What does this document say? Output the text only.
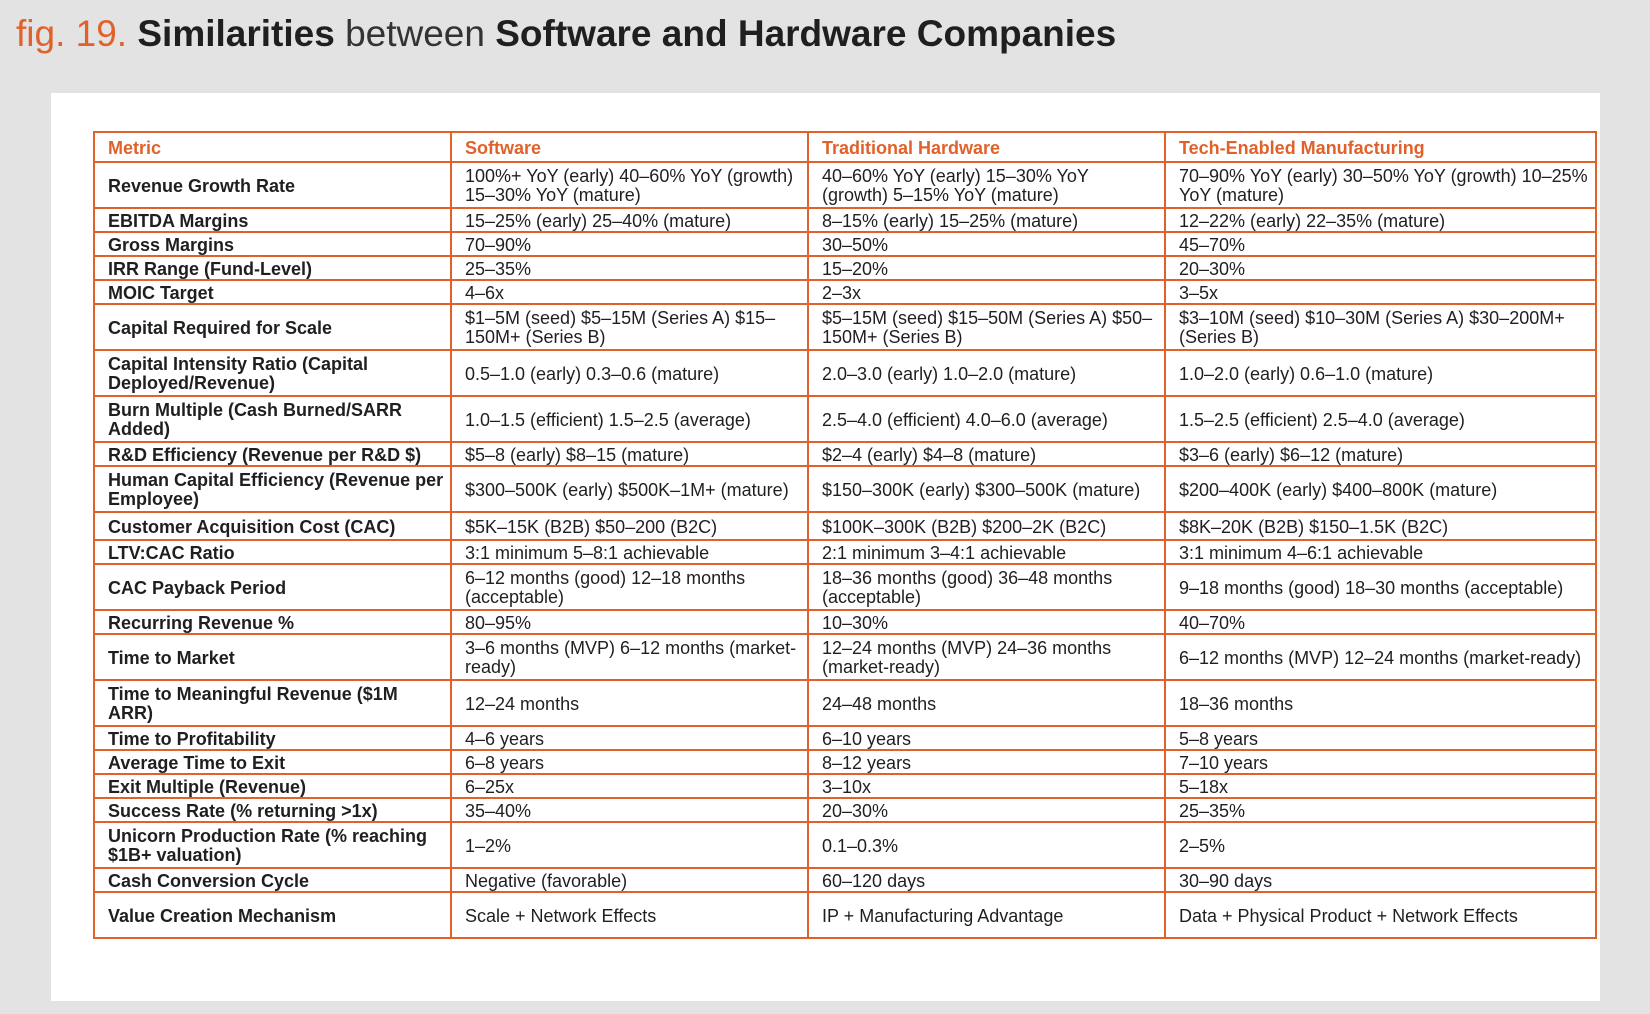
fig. 19. Similarities between Software and Hardware Companies
Metric	Software	Traditional Hardware	Tech-Enabled Manufacturing
Revenue Growth Rate	100%+ YoY (early) 40–60% YoY (growth) 15–30% YoY (mature)	40–60% YoY (early) 15–30% YoY (growth) 5–15% YoY (mature)	70–90% YoY (early) 30–50% YoY (growth) 10–25% YoY (mature)
EBITDA Margins	15–25% (early) 25–40% (mature)	8–15% (early) 15–25% (mature)	12–22% (early) 22–35% (mature)
Gross Margins	70–90%	30–50%	45–70%
IRR Range (Fund-Level)	25–35%	15–20%	20–30%
MOIC Target	4–6x	2–3x	3–5x
Capital Required for Scale	$1–5M (seed) $5–15M (Series A) $15–150M+ (Series B)	$5–15M (seed) $15–50M (Series A) $50–150M+ (Series B)	$3–10M (seed) $10–30M (Series A) $30–200M+ (Series B)
Capital Intensity Ratio (Capital Deployed/Revenue)	0.5–1.0 (early) 0.3–0.6 (mature)	2.0–3.0 (early) 1.0–2.0 (mature)	1.0–2.0 (early) 0.6–1.0 (mature)
Burn Multiple (Cash Burned/SARR Added)	1.0–1.5 (efficient) 1.5–2.5 (average)	2.5–4.0 (efficient) 4.0–6.0 (average)	1.5–2.5 (efficient) 2.5–4.0 (average)
R&D Efficiency (Revenue per R&D $)	$5–8 (early) $8–15 (mature)	$2–4 (early) $4–8 (mature)	$3–6 (early) $6–12 (mature)
Human Capital Efficiency (Revenue per Employee)	$300–500K (early) $500K–1M+ (mature)	$150–300K (early) $300–500K (mature)	$200–400K (early) $400–800K (mature)
Customer Acquisition Cost (CAC)	$5K–15K (B2B) $50–200 (B2C)	$100K–300K (B2B) $200–2K (B2C)	$8K–20K (B2B) $150–1.5K (B2C)
LTV:CAC Ratio	3:1 minimum 5–8:1 achievable	2:1 minimum 3–4:1 achievable	3:1 minimum 4–6:1 achievable
CAC Payback Period	6–12 months (good) 12–18 months (acceptable)	18–36 months (good) 36–48 months (acceptable)	9–18 months (good) 18–30 months (acceptable)
Recurring Revenue %	80–95%	10–30%	40–70%
Time to Market	3–6 months (MVP) 6–12 months (market-ready)	12–24 months (MVP) 24–36 months (market-ready)	6–12 months (MVP) 12–24 months (market-ready)
Time to Meaningful Revenue ($1M ARR)	12–24 months	24–48 months	18–36 months
Time to Profitability	4–6 years	6–10 years	5–8 years
Average Time to Exit	6–8 years	8–12 years	7–10 years
Exit Multiple (Revenue)	6–25x	3–10x	5–18x
Success Rate (% returning >1x)	35–40%	20–30%	25–35%
Unicorn Production Rate (% reaching $1B+ valuation)	1–2%	0.1–0.3%	2–5%
Cash Conversion Cycle	Negative (favorable)	60–120 days	30–90 days
Value Creation Mechanism	Scale + Network Effects	IP + Manufacturing Advantage	Data + Physical Product + Network Effects
